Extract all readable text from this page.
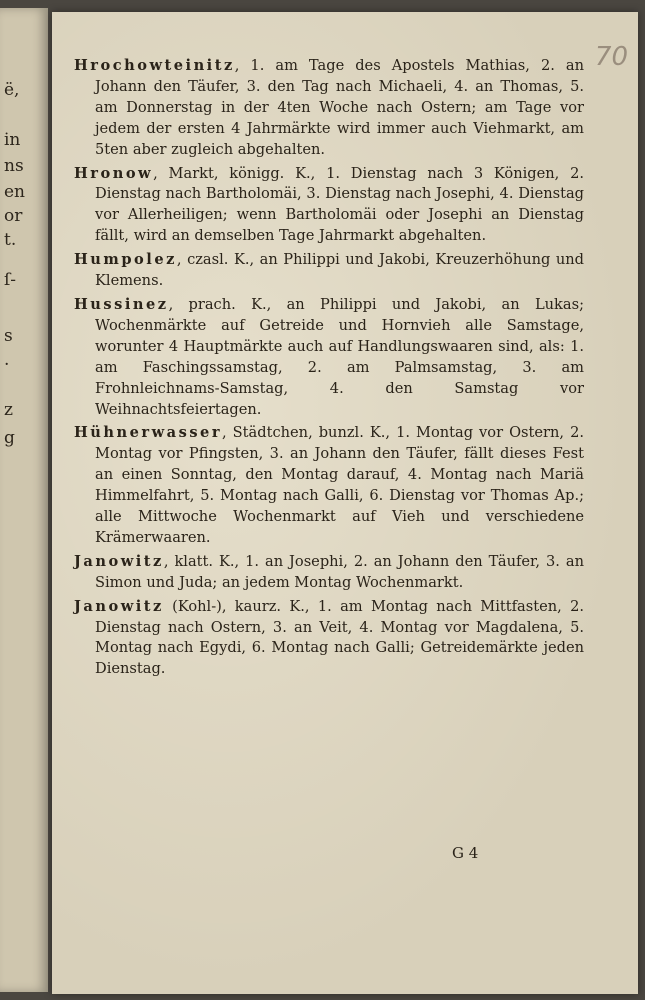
ë,
in
ns
en
or
t.
ſ-
s
.
z
g
70

Hrochowteinitz, 1. am Tage des Apostels Mathias, 2. an Johann den Täufer, 3. den Tag nach Michaeli, 4. an Thomas, 5. am Donnerstag in der 4ten Woche nach Ostern; am Tage vor jedem der ersten 4 Jahrmärkte wird immer auch Viehmarkt, am 5ten aber zugleich abgehalten.

Hronow, Markt, königg. K., 1. Dienstag nach 3 Königen, 2. Dienstag nach Bartholomäi, 3. Dienstag nach Josephi, 4. Dienstag vor Allerheiligen; wenn Bartholomäi oder Josephi an Dienstag fällt, wird an demselben Tage Jahrmarkt abgehalten.

Humpolez, czasl. K., an Philippi und Jakobi, Kreuzerhöhung und Klemens.

Hussinez, prach. K., an Philippi und Jakobi, an Lukas; Wochenmärkte auf Getreide und Hornvieh alle Samstage, worunter 4 Hauptmärkte auch auf Handlungswaaren sind, als: 1. am Faschingssamstag, 2. am Palmsamstag, 3. am Frohnleichnams-Samstag, 4. den Samstag vor Weihnachtsfeiertagen.

Hühnerwasser, Städtchen, bunzl. K., 1. Montag vor Ostern, 2. Montag vor Pfingsten, 3. an Johann den Täufer, fällt dieses Fest an einen Sonntag, den Montag darauf, 4. Montag nach Mariä Himmelfahrt, 5. Montag nach Galli, 6. Dienstag vor Thomas Ap.; alle Mittwoche Wochenmarkt auf Vieh und verschiedene Krämerwaaren.

Janowitz, klatt. K., 1. an Josephi, 2. an Johann den Täufer, 3. an Simon und Juda; an jedem Montag Wochenmarkt.

Janowitz (Kohl-), kaurz. K., 1. am Montag nach Mittfasten, 2. Dienstag nach Ostern, 3. an Veit, 4. Montag vor Magdalena, 5. Montag nach Egydi, 6. Montag nach Galli; Getreidemärkte jeden Dienstag.

G 4
